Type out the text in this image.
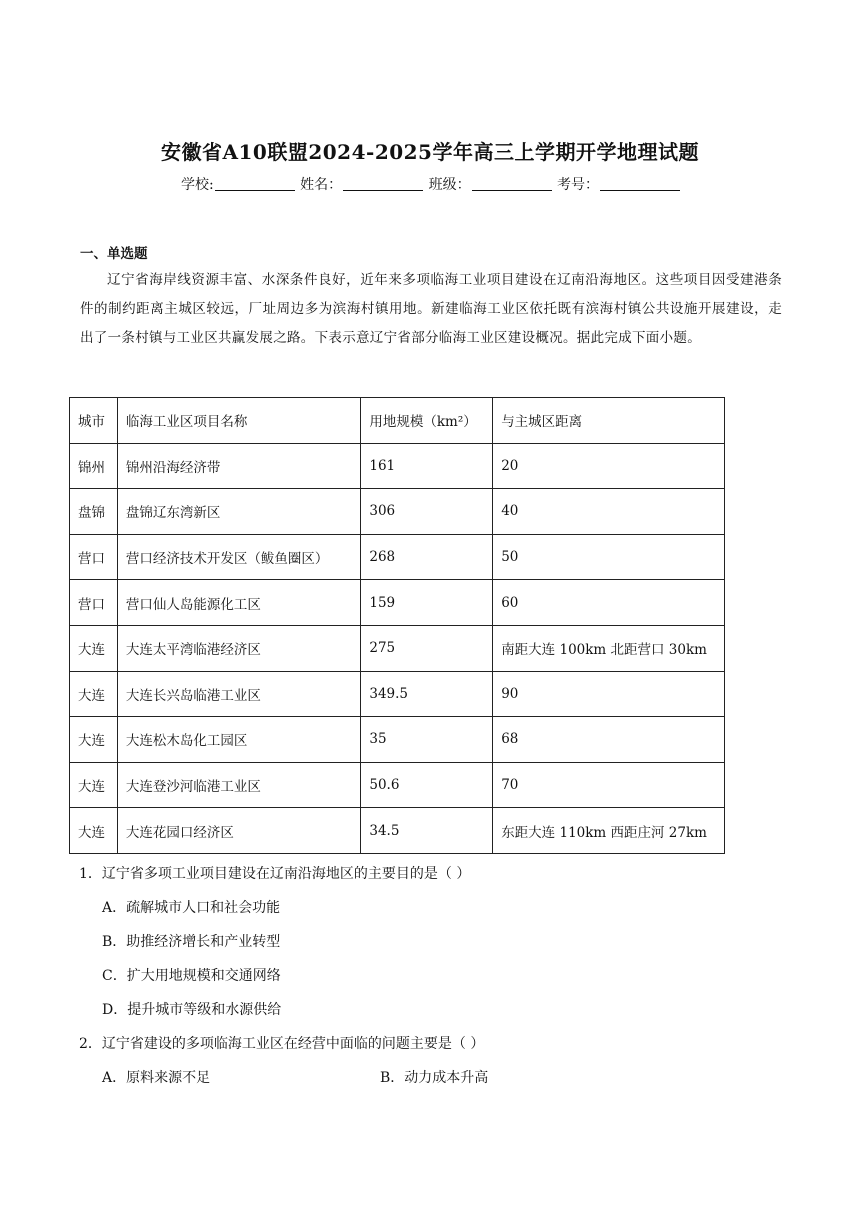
安徽省A10联盟2024-2025学年高三上学期开学地理试题
学校:	姓名：	班级：	考号：
一、单选题
辽宁省海岸线资源丰富、水深条件良好，近年来多项临海工业项目建设在辽南沿海地区。这些项目因受建港条件的制约距离主城区较远，厂址周边多为滨海村镇用地。新建临海工业区依托既有滨海村镇公共设施开展建设，走出了一条村镇与工业区共赢发展之路。下表示意辽宁省部分临海工业区建设概况。据此完成下面小题。
城市	临海工业区项目名称	用地规模（km²）	与主城区距离
锦州	锦州沿海经济带	161	20
盘锦	盘锦辽东湾新区	306	40
营口	营口经济技术开发区（鲅鱼圈区）	268	50
营口	营口仙人岛能源化工区	159	60
大连	大连太平湾临港经济区	275	南距大连 100km 北距营口 30km
大连	大连长兴岛临港工业区	349.5	90
大连	大连松木岛化工园区	35	68
大连	大连登沙河临港工业区	50.6	70
大连	大连花园口经济区	34.5	东距大连 110km 西距庄河 27km
1．辽宁省多项工业项目建设在辽南沿海地区的主要目的是（ ）
A．疏解城市人口和社会功能
B．助推经济增长和产业转型
C．扩大用地规模和交通网络
D．提升城市等级和水源供给
2．辽宁省建设的多项临海工业区在经营中面临的问题主要是（ ）
A．原料来源不足	B．动力成本升高
